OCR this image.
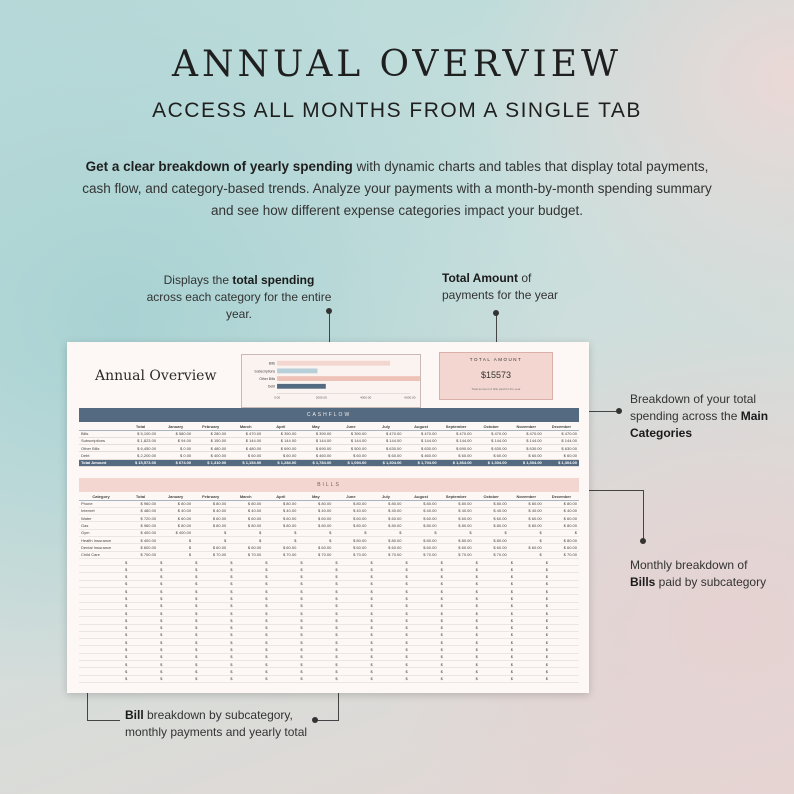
ANNUAL OVERVIEW
ACCESS ALL MONTHS FROM A SINGLE TAB
Get a clear breakdown of yearly spending with dynamic charts and tables that display total payments, cash flow, and category-based trends. Analyze your payments with a month-by-month spending summary and see how different expense categories impact your budget.
Displays the total spending across each category for the entire year.
Total Amount of payments for the year
Breakdown of your total spending across the Main Categories
Monthly breakdown of Bills paid by subcategory
Bill breakdown by subcategory, monthly payments and yearly total
Annual Overview
Bills
Subscriptions
Other Bills
Debt
0.00	2000.00	4000.00	6000.00
TOTAL AMOUNT
$15573
Total amount of bills paid for the year
CASHFLOW
	Total	January	February	March	April	May	June	July	August	September	October	November	December
Bills	$ 5,100.00	$ 580.00	$ 280.00	$ 470.00	$ 390.00	$ 390.00	$ 390.00	$ 470.00	$ 470.00	$ 470.00	$ 470.00	$ 470.00	$ 470.00
Subscriptions	$ 1,823.00	$ 94.00	$ 150.00	$ 144.00	$ 144.00	$ 144.00	$ 144.00	$ 144.00	$ 144.00	$ 144.00	$ 144.00	$ 144.00	$ 144.00
Other Bills	$ 6,450.00	$ 0.00	$ 480.00	$ 480.00	$ 690.00	$ 690.00	$ 500.00	$ 630.00	$ 630.00	$ 690.00	$ 630.00	$ 630.00	$ 630.00
Debt	$ 2,200.00	$ 0.00	$ 400.00	$ 60.00	$ 60.00	$ 460.00	$ 60.00	$ 60.00	$ 460.00	$ 60.00	$ 60.00	$ 60.00	$ 60.00
Total Amount	$ 15,573.00	$ 674.00	$ 1,310.00	$ 1,154.00	$ 1,284.00	$ 1,784.00	$ 1,094.00	$ 1,304.00	$ 1,704.00	$ 1,364.00	$ 1,304.00	$ 1,304.00	$ 1,304.00
BILLS
Category	Total	January	February	March	April	May	June	July	August	September	October	November	December
Phone	$ 960.00	$ 80.00	$ 80.00	$ 80.00	$ 80.00	$ 80.00	$ 80.00	$ 80.00	$ 80.00	$ 80.00	$ 80.00	$ 80.00	$ 80.00
Internet	$ 480.00	$ 40.00	$ 40.00	$ 40.00	$ 40.00	$ 40.00	$ 40.00	$ 40.00	$ 40.00	$ 40.00	$ 40.00	$ 40.00	$ 40.00
Water	$ 720.00	$ 60.00	$ 60.00	$ 60.00	$ 60.00	$ 60.00	$ 60.00	$ 60.00	$ 60.00	$ 60.00	$ 60.00	$ 60.00	$ 60.00
Gas	$ 960.00	$ 80.00	$ 80.00	$ 80.00	$ 80.00	$ 80.00	$ 80.00	$ 80.00	$ 80.00	$ 80.00	$ 80.00	$ 80.00	$ 80.00
Gym	$ 400.00	$ 400.00	$	$	$	$	$	$	$	$	$	$	$
Health Insurance	$ 400.00	$	$	$	$	$	$ 80.00	$ 80.00	$ 80.00	$ 80.00	$ 80.00	$	$ 80.00
Dental Insurance	$ 600.00	$	$ 60.00	$ 60.00	$ 60.00	$ 60.00	$ 60.00	$ 60.00	$ 60.00	$ 60.00	$ 60.00	$ 60.00	$ 60.00
Child Care	$ 700.00	$	$ 70.00	$ 70.00	$ 70.00	$ 70.00	$ 70.00	$ 70.00	$ 70.00	$ 70.00	$ 70.00	$	$ 70.00
	$	$	$	$	$	$	$	$	$	$	$	$	$
	$	$	$	$	$	$	$	$	$	$	$	$	$
	$	$	$	$	$	$	$	$	$	$	$	$	$
	$	$	$	$	$	$	$	$	$	$	$	$	$
	$	$	$	$	$	$	$	$	$	$	$	$	$
	$	$	$	$	$	$	$	$	$	$	$	$	$
	$	$	$	$	$	$	$	$	$	$	$	$	$
	$	$	$	$	$	$	$	$	$	$	$	$	$
	$	$	$	$	$	$	$	$	$	$	$	$	$
	$	$	$	$	$	$	$	$	$	$	$	$	$
	$	$	$	$	$	$	$	$	$	$	$	$	$
	$	$	$	$	$	$	$	$	$	$	$	$	$
	$	$	$	$	$	$	$	$	$	$	$	$	$
	$	$	$	$	$	$	$	$	$	$	$	$	$
	$	$	$	$	$	$	$	$	$	$	$	$	$
	$	$	$	$	$	$	$	$	$	$	$	$	$
	$	$	$	$	$	$	$	$	$	$	$	$	$
